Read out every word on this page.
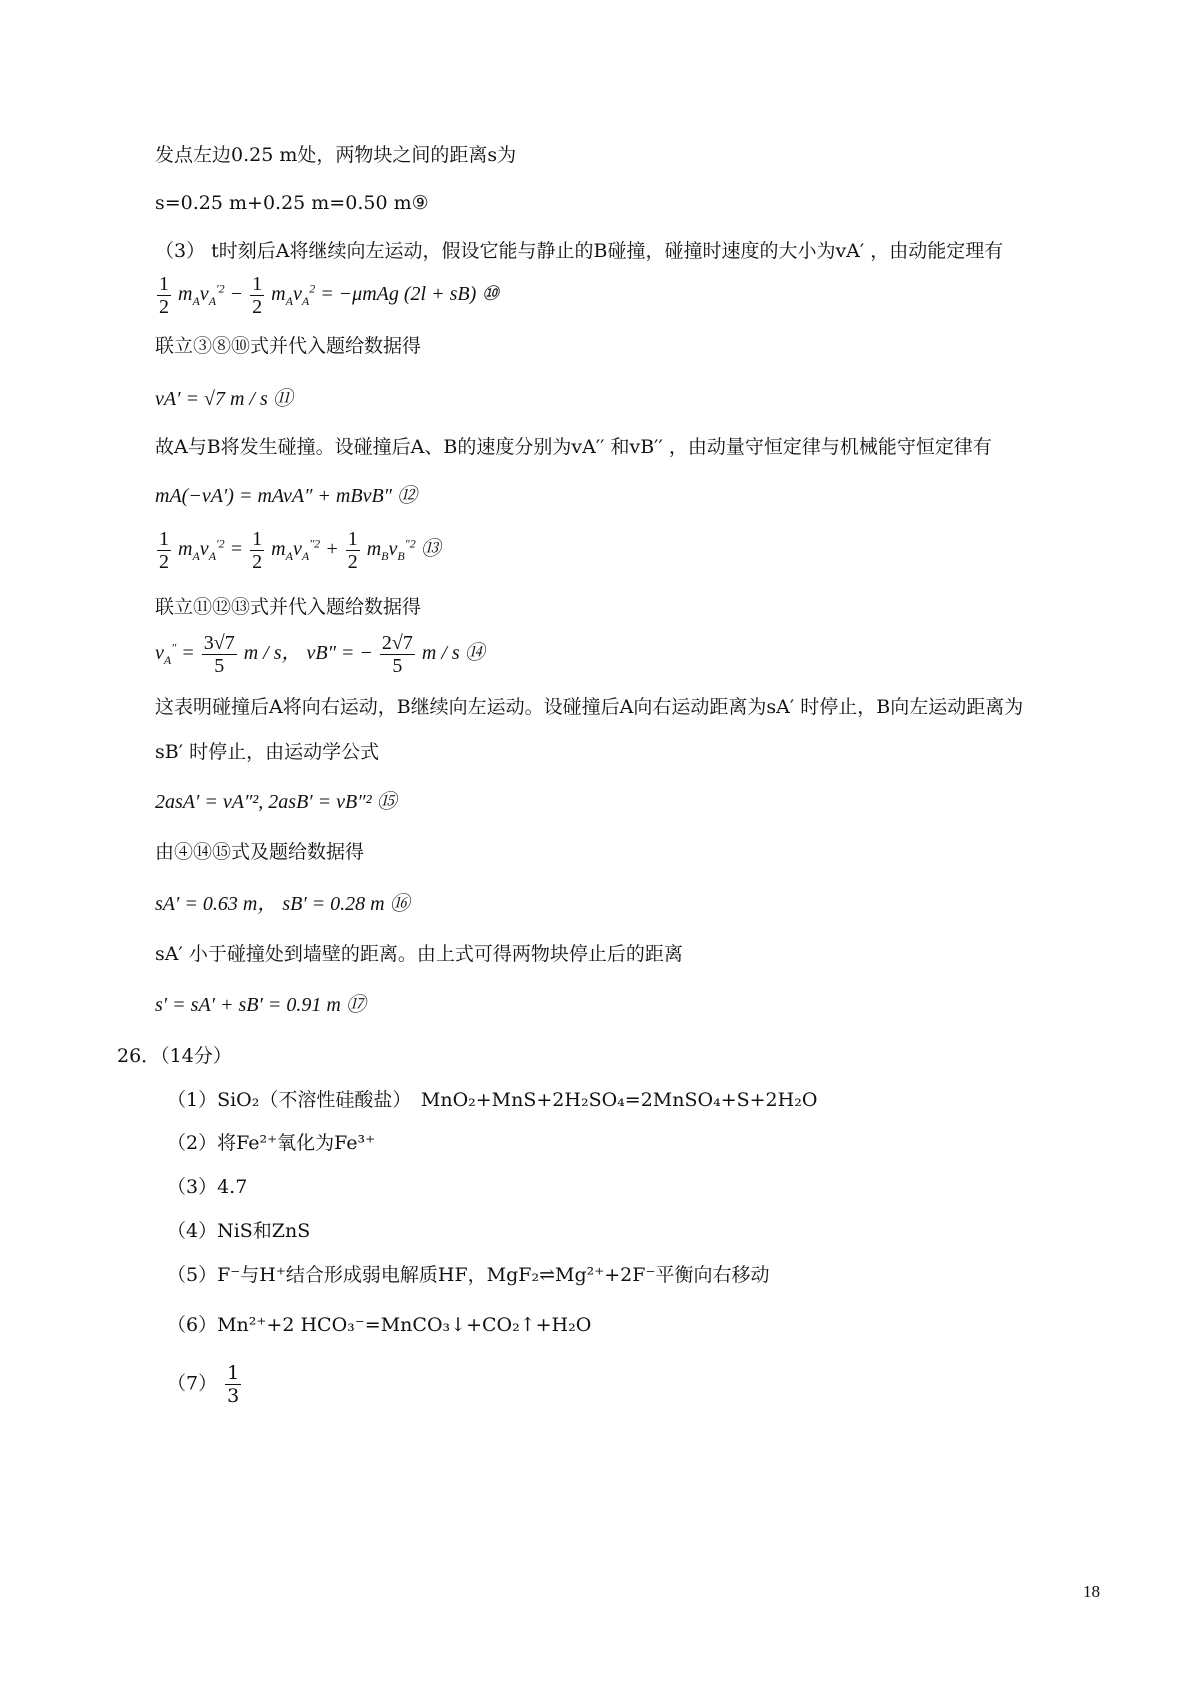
发点左边0.25 m处，两物块之间的距离s为
s=0.25 m+0.25 m=0.50 m⑨
（3） t时刻后A将继续向左运动，假设它能与静止的B碰撞，碰撞时速度的大小为vA′ ，由动能定理有
$\frac{1}{2} m_Av_A^{'2} - \frac{1}{2} m_Av_A^2 = -\mu mAg$ (2l + sB) ⑩
联立③⑧⑩式并代入题给数据得
vA′ = √7 m / s ⑪
故A与B将发生碰撞。设碰撞后A、B的速度分别为vA′′ 和vB′′ ，由动量守恒定律与机械能守恒定律有
mA(−vA′) = mAvA″ + mBvB″ ⑫
$\frac{1}{2} m_Av_A^{'2} = \frac{1}{2} m_Av_A^{''2} + \frac{1}{2} m_Bv_B^{''2}$ ⑬
联立⑪⑫⑬式并代入题给数据得
$v_A'' = \frac{3√7}{5}$ m / s， vB″ = − $\frac{2√7}{5}$ m / s ⑭
这表明碰撞后A将向右运动，B继续向左运动。设碰撞后A向右运动距离为sA′ 时停止，B向左运动距离为
sB′ 时停止，由运动学公式
2asA′ = vA″², 2asB′ = vB″² ⑮
由④⑭⑮式及题给数据得
sA′ = 0.63 m， sB′ = 0.28 m ⑯
sA′ 小于碰撞处到墙壁的距离。由上式可得两物块停止后的距离
s′ = sA′ + sB′ = 0.91 m ⑰
26．（14分）
（1）SiO₂（不溶性硅酸盐）　MnO₂+MnS+2H₂SO₄=2MnSO₄+S+2H₂O
（2）将Fe²⁺氧化为Fe³⁺
（3）4.7
（4）NiS和ZnS
（5）F⁻与H⁺结合形成弱电解质HF，MgF₂⇌Mg²⁺+2F⁻平衡向右移动
（6）Mn²⁺+2 HCO₃⁻=MnCO₃↓+CO₂↑+H₂O
$(7) \frac{1}{3}$
18
